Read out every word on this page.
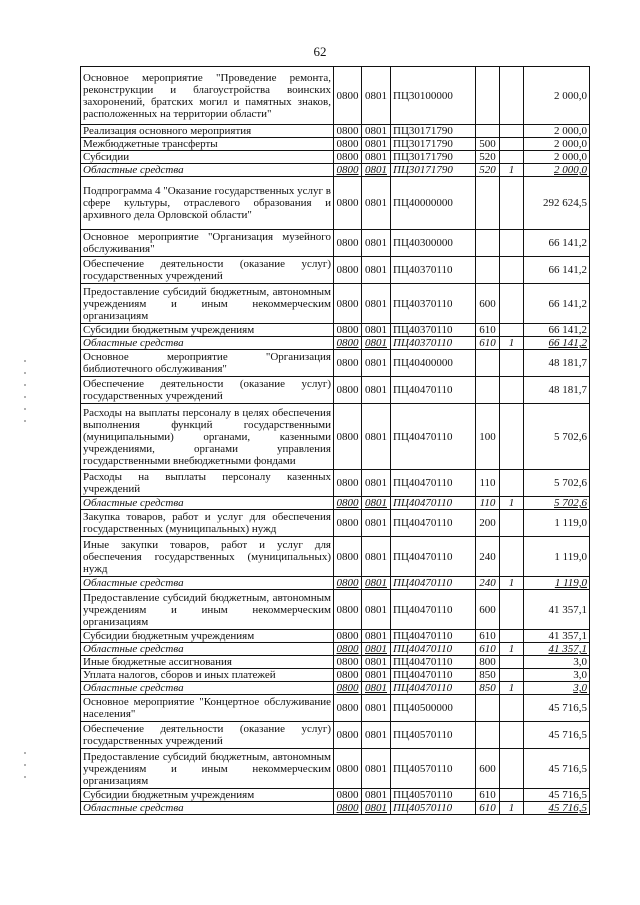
62
Основное мероприятие "Проведение ремонта, реконструкции и благоустройства воинских захоронений, братских могил и памятных знаков, расположенных на территории области"	0800	0801	ПЦ30100000			2 000,0
Реализация основного мероприятия	0800	0801	ПЦ30171790			2 000,0
Межбюджетные трансферты	0800	0801	ПЦ30171790	500		2 000,0
Субсидии	0800	0801	ПЦ30171790	520		2 000,0
Областные средства	0800	0801	ПЦ30171790	520	1	2 000,0
Подпрограмма 4 "Оказание государственных услуг в сфере культуры, отраслевого образования и архивного дела Орловской области"	0800	0801	ПЦ40000000			292 624,5
Основное мероприятие "Организация музейного обслуживания"	0800	0801	ПЦ40300000			66 141,2
Обеспечение деятельности (оказание услуг) государственных учреждений	0800	0801	ПЦ40370110			66 141,2
Предоставление субсидий бюджетным, автономным учреждениям и иным некоммерческим организациям	0800	0801	ПЦ40370110	600		66 141,2
Субсидии бюджетным учреждениям	0800	0801	ПЦ40370110	610		66 141,2
Областные средства	0800	0801	ПЦ40370110	610	1	66 141,2
Основное мероприятие "Организация библиотечного обслуживания"	0800	0801	ПЦ40400000			48 181,7
Обеспечение деятельности (оказание услуг) государственных учреждений	0800	0801	ПЦ40470110			48 181,7
Расходы на выплаты персоналу в целях обеспечения выполнения функций государственными (муниципальными) органами, казенными учреждениями, органами управления государственными внебюджетными фондами	0800	0801	ПЦ40470110	100		5 702,6
Расходы на выплаты персоналу казенных учреждений	0800	0801	ПЦ40470110	110		5 702,6
Областные средства	0800	0801	ПЦ40470110	110	1	5 702,6
Закупка товаров, работ и услуг для обеспечения государственных (муниципальных) нужд	0800	0801	ПЦ40470110	200		1 119,0
Иные закупки товаров, работ и услуг для обеспечения государственных (муниципальных) нужд	0800	0801	ПЦ40470110	240		1 119,0
Областные средства	0800	0801	ПЦ40470110	240	1	1 119,0
Предоставление субсидий бюджетным, автономным учреждениям и иным некоммерческим организациям	0800	0801	ПЦ40470110	600		41 357,1
Субсидии бюджетным учреждениям	0800	0801	ПЦ40470110	610		41 357,1
Областные средства	0800	0801	ПЦ40470110	610	1	41 357,1
Иные бюджетные ассигнования	0800	0801	ПЦ40470110	800		3,0
Уплата налогов, сборов и иных платежей	0800	0801	ПЦ40470110	850		3,0
Областные средства	0800	0801	ПЦ40470110	850	1	3,0
Основное мероприятие "Концертное обслуживание населения"	0800	0801	ПЦ40500000			45 716,5
Обеспечение деятельности (оказание услуг) государственных учреждений	0800	0801	ПЦ40570110			45 716,5
Предоставление субсидий бюджетным, автономным учреждениям и иным некоммерческим организациям	0800	0801	ПЦ40570110	600		45 716,5
Субсидии бюджетным учреждениям	0800	0801	ПЦ40570110	610		45 716,5
Областные средства	0800	0801	ПЦ40570110	610	1	45 716,5
